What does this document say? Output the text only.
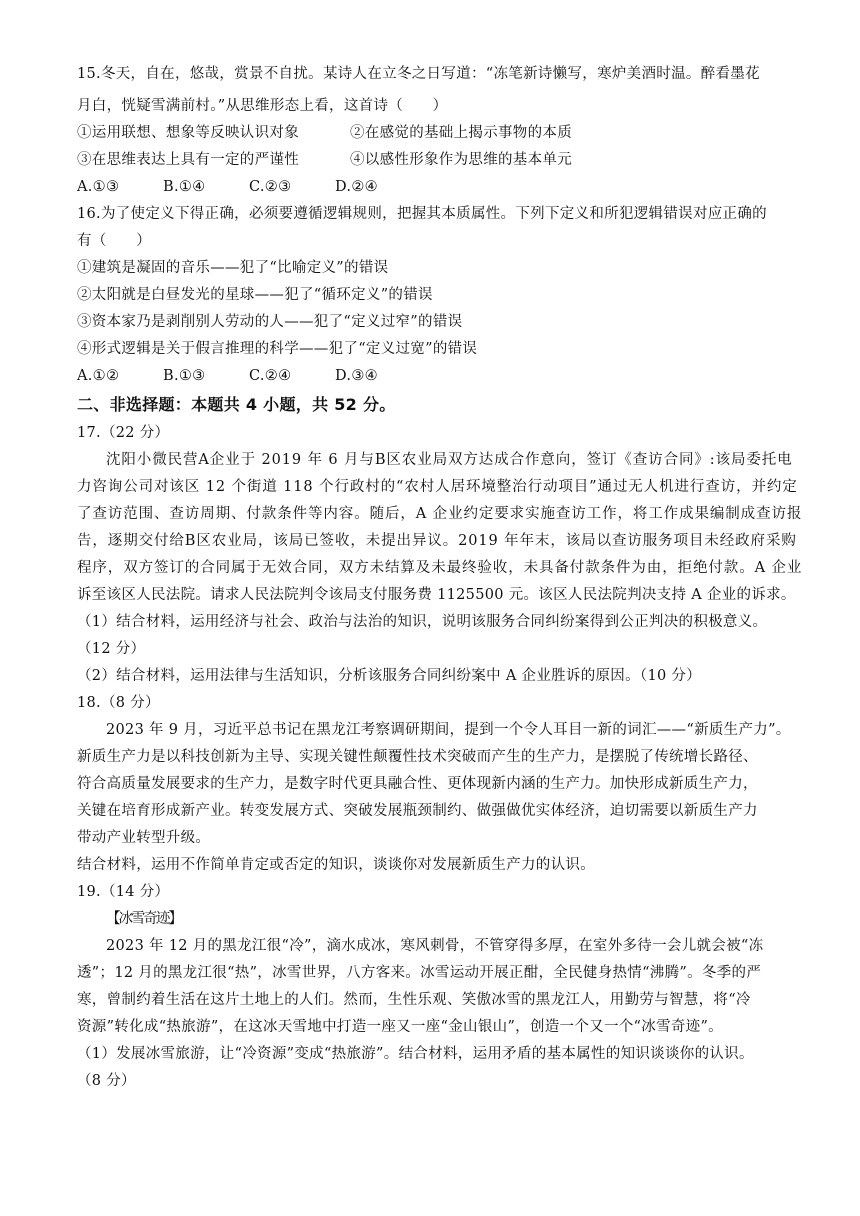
15.冬天，自在，悠哉，赏景不自扰。某诗人在立冬之日写道：“冻笔新诗懒写，寒炉美酒时温。醉看墨花
月白，恍疑雪满前村。”从思维形态上看，这首诗（　　）
①运用联想、想象等反映认识对象	②在感觉的基础上揭示事物的本质
③在思维表达上具有一定的严谨性	④以感性形象作为思维的基本单元
A.①③	B.①④	C.②③	D.②④
16.为了使定义下得正确，必须要遵循逻辑规则，把握其本质属性。下列下定义和所犯逻辑错误对应正确的
有（　　）
①建筑是凝固的音乐——犯了“比喻定义”的错误
②太阳就是白昼发光的星球——犯了“循环定义”的错误
③资本家乃是剥削别人劳动的人——犯了“定义过窄”的错误
④形式逻辑是关于假言推理的科学——犯了“定义过宽”的错误
A.①②	B.①③	C.②④	D.③④
二、非选择题：本题共 4 小题，共 52 分。
17.（22 分）
沈阳小微民营A企业于 2019 年 6 月与B区农业局双方达成合作意向，签订《查访合同》:该局委托电
力咨询公司对该区 12 个街道 118 个行政村的“农村人居环境整治行动项目”通过无人机进行查访，并约定
了查访范围、查访周期、付款条件等内容。随后，A 企业约定要求实施查访工作，将工作成果编制成查访报
告，逐期交付给B区农业局，该局已签收，未提出异议。2019 年年末，该局以查访服务项目未经政府采购
程序，双方签订的合同属于无效合同，双方未结算及未最终验收，未具备付款条件为由，拒绝付款。A 企业
诉至该区人民法院。请求人民法院判令该局支付服务费 1125500 元。该区人民法院判决支持 A 企业的诉求。
（1）结合材料，运用经济与社会、政治与法治的知识，说明该服务合同纠纷案得到公正判决的积极意义。
（12 分）
（2）结合材料，运用法律与生活知识，分析该服务合同纠纷案中 A 企业胜诉的原因。（10 分）
18.（8 分）
2023 年 9 月，习近平总书记在黑龙江考察调研期间，提到一个令人耳目一新的词汇——“新质生产力”。
新质生产力是以科技创新为主导、实现关键性颠覆性技术突破而产生的生产力，是摆脱了传统增长路径、
符合高质量发展要求的生产力，是数字时代更具融合性、更体现新内涵的生产力。加快形成新质生产力，
关键在培育形成新产业。转变发展方式、突破发展瓶颈制约、做强做优实体经济，迫切需要以新质生产力
带动产业转型升级。
结合材料，运用不作简单肯定或否定的知识，谈谈你对发展新质生产力的认识。
19.（14 分）
【冰雪奇迹】
2023 年 12 月的黑龙江很“冷”，滴水成冰，寒风刺骨，不管穿得多厚，在室外多待一会儿就会被“冻
透”；12 月的黑龙江很“热”，冰雪世界，八方客来。冰雪运动开展正酣，全民健身热情“沸腾”。冬季的严
寒，曾制约着生活在这片土地上的人们。然而，生性乐观、笑傲冰雪的黑龙江人，用勤劳与智慧，将“冷
资源”转化成“热旅游”，在这冰天雪地中打造一座又一座“金山银山”，创造一个又一个“冰雪奇迹”。
（1）发展冰雪旅游，让“冷资源”变成“热旅游”。结合材料，运用矛盾的基本属性的知识谈谈你的认识。
（8 分）
